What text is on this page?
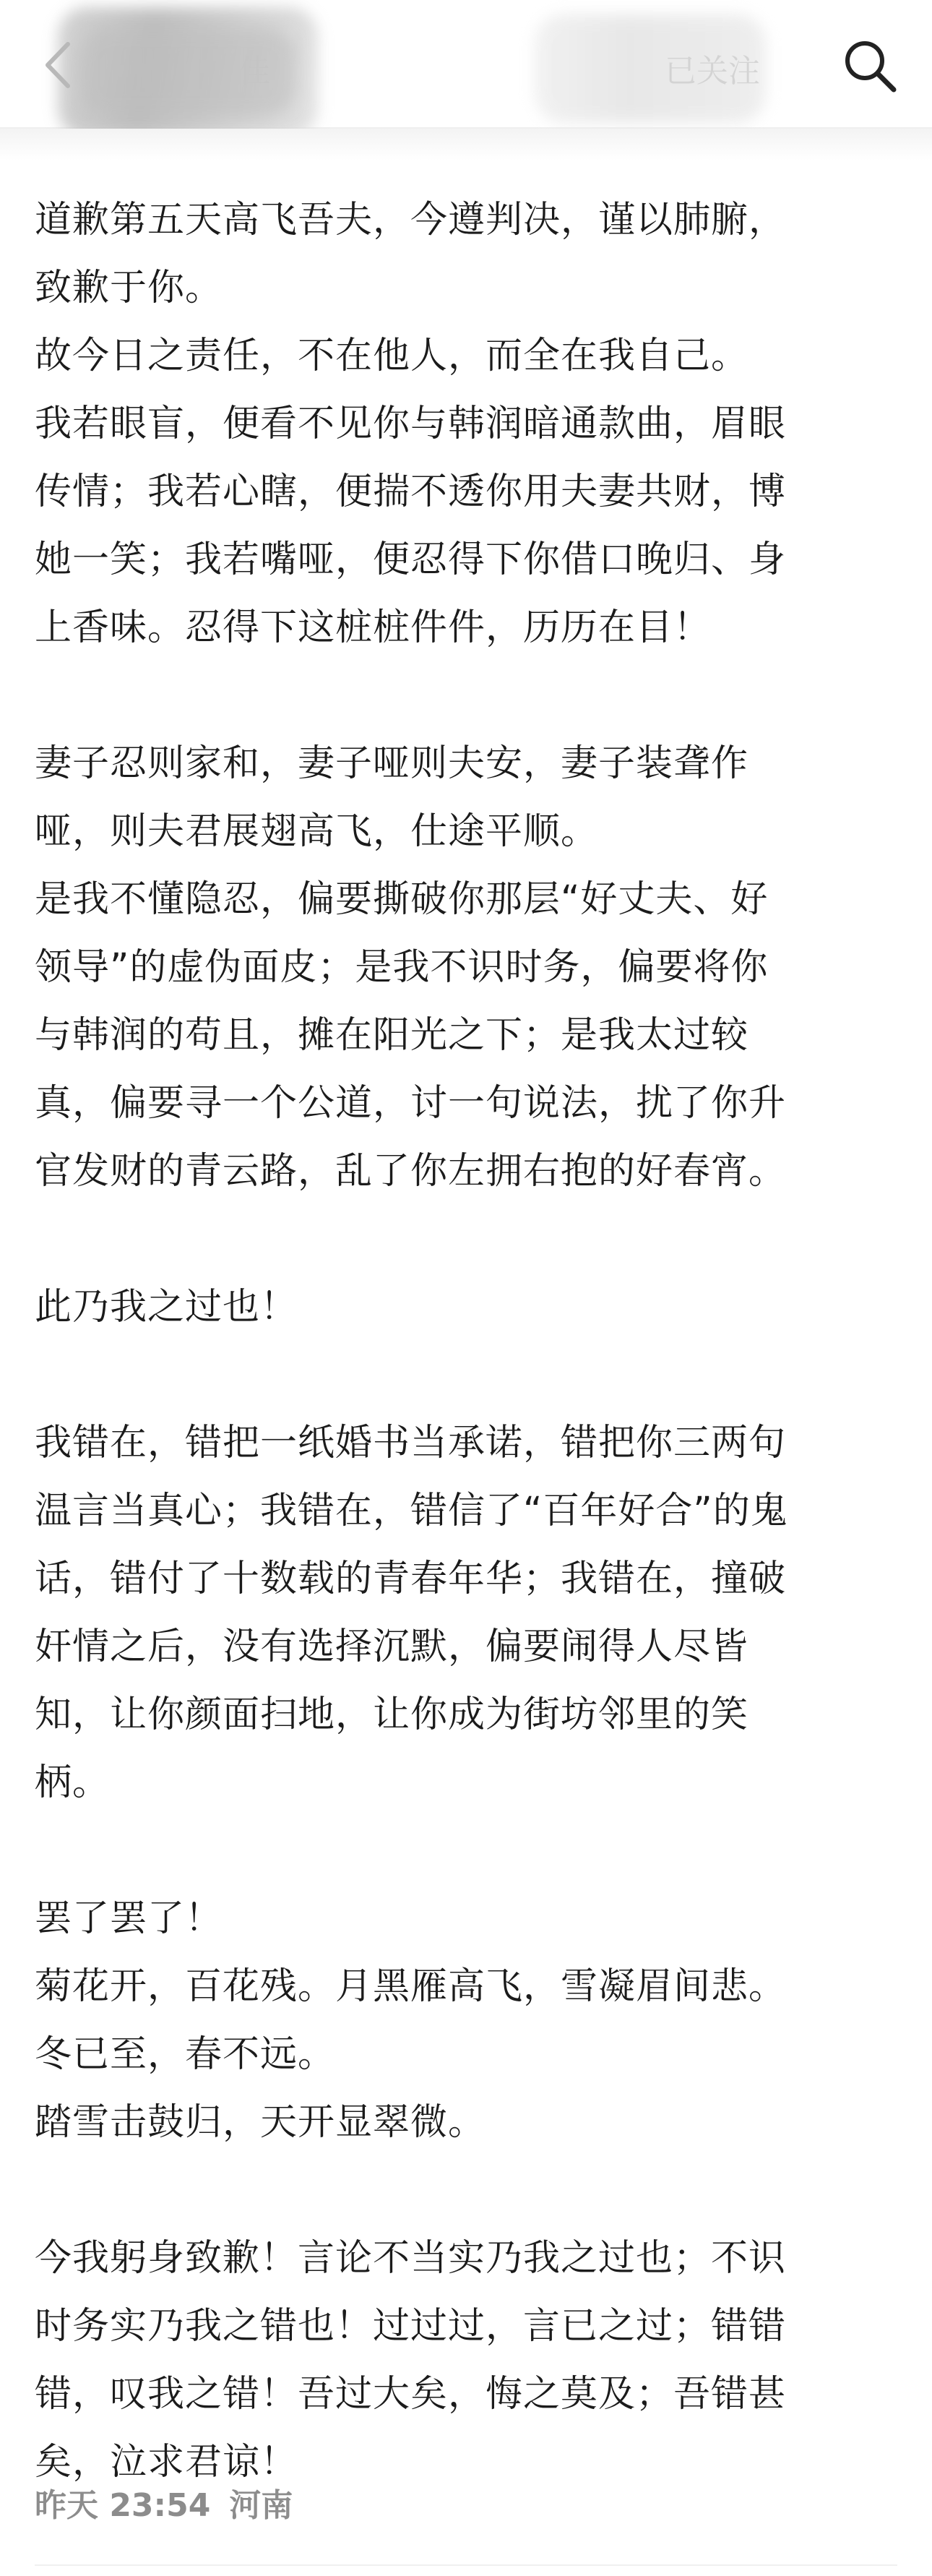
佳	已关注
道歉第五天高飞吾夫，今遵判决，谨以肺腑，
致歉于你。
故今日之责任，不在他人，而全在我自己。
我若眼盲，便看不见你与韩润暗通款曲，眉眼
传情；我若心瞎，便揣不透你用夫妻共财，博
她一笑；我若嘴哑，便忍得下你借口晚归、身
上香味。忍得下这桩桩件件，历历在目！
妻子忍则家和，妻子哑则夫安，妻子装聋作
哑，则夫君展翅高飞，仕途平顺。
是我不懂隐忍，偏要撕破你那层“好丈夫、好
领导”的虚伪面皮；是我不识时务，偏要将你
与韩润的苟且，摊在阳光之下；是我太过较
真，偏要寻一个公道，讨一句说法，扰了你升
官发财的青云路，乱了你左拥右抱的好春宵。
此乃我之过也！
我错在，错把一纸婚书当承诺，错把你三两句
温言当真心；我错在，错信了“百年好合”的鬼
话，错付了十数载的青春年华；我错在，撞破
奸情之后，没有选择沉默，偏要闹得人尽皆
知，让你颜面扫地，让你成为街坊邻里的笑
柄。
罢了罢了！
菊花开，百花残。月黑雁高飞，雪凝眉间悲。
冬已至，春不远。
踏雪击鼓归，天开显翠微。
今我躬身致歉！言论不当实乃我之过也；不识
时务实乃我之错也！过过过，言已之过；错错
错，叹我之错！吾过大矣，悔之莫及；吾错甚
矣，泣求君谅！
昨天 23:54 河南
